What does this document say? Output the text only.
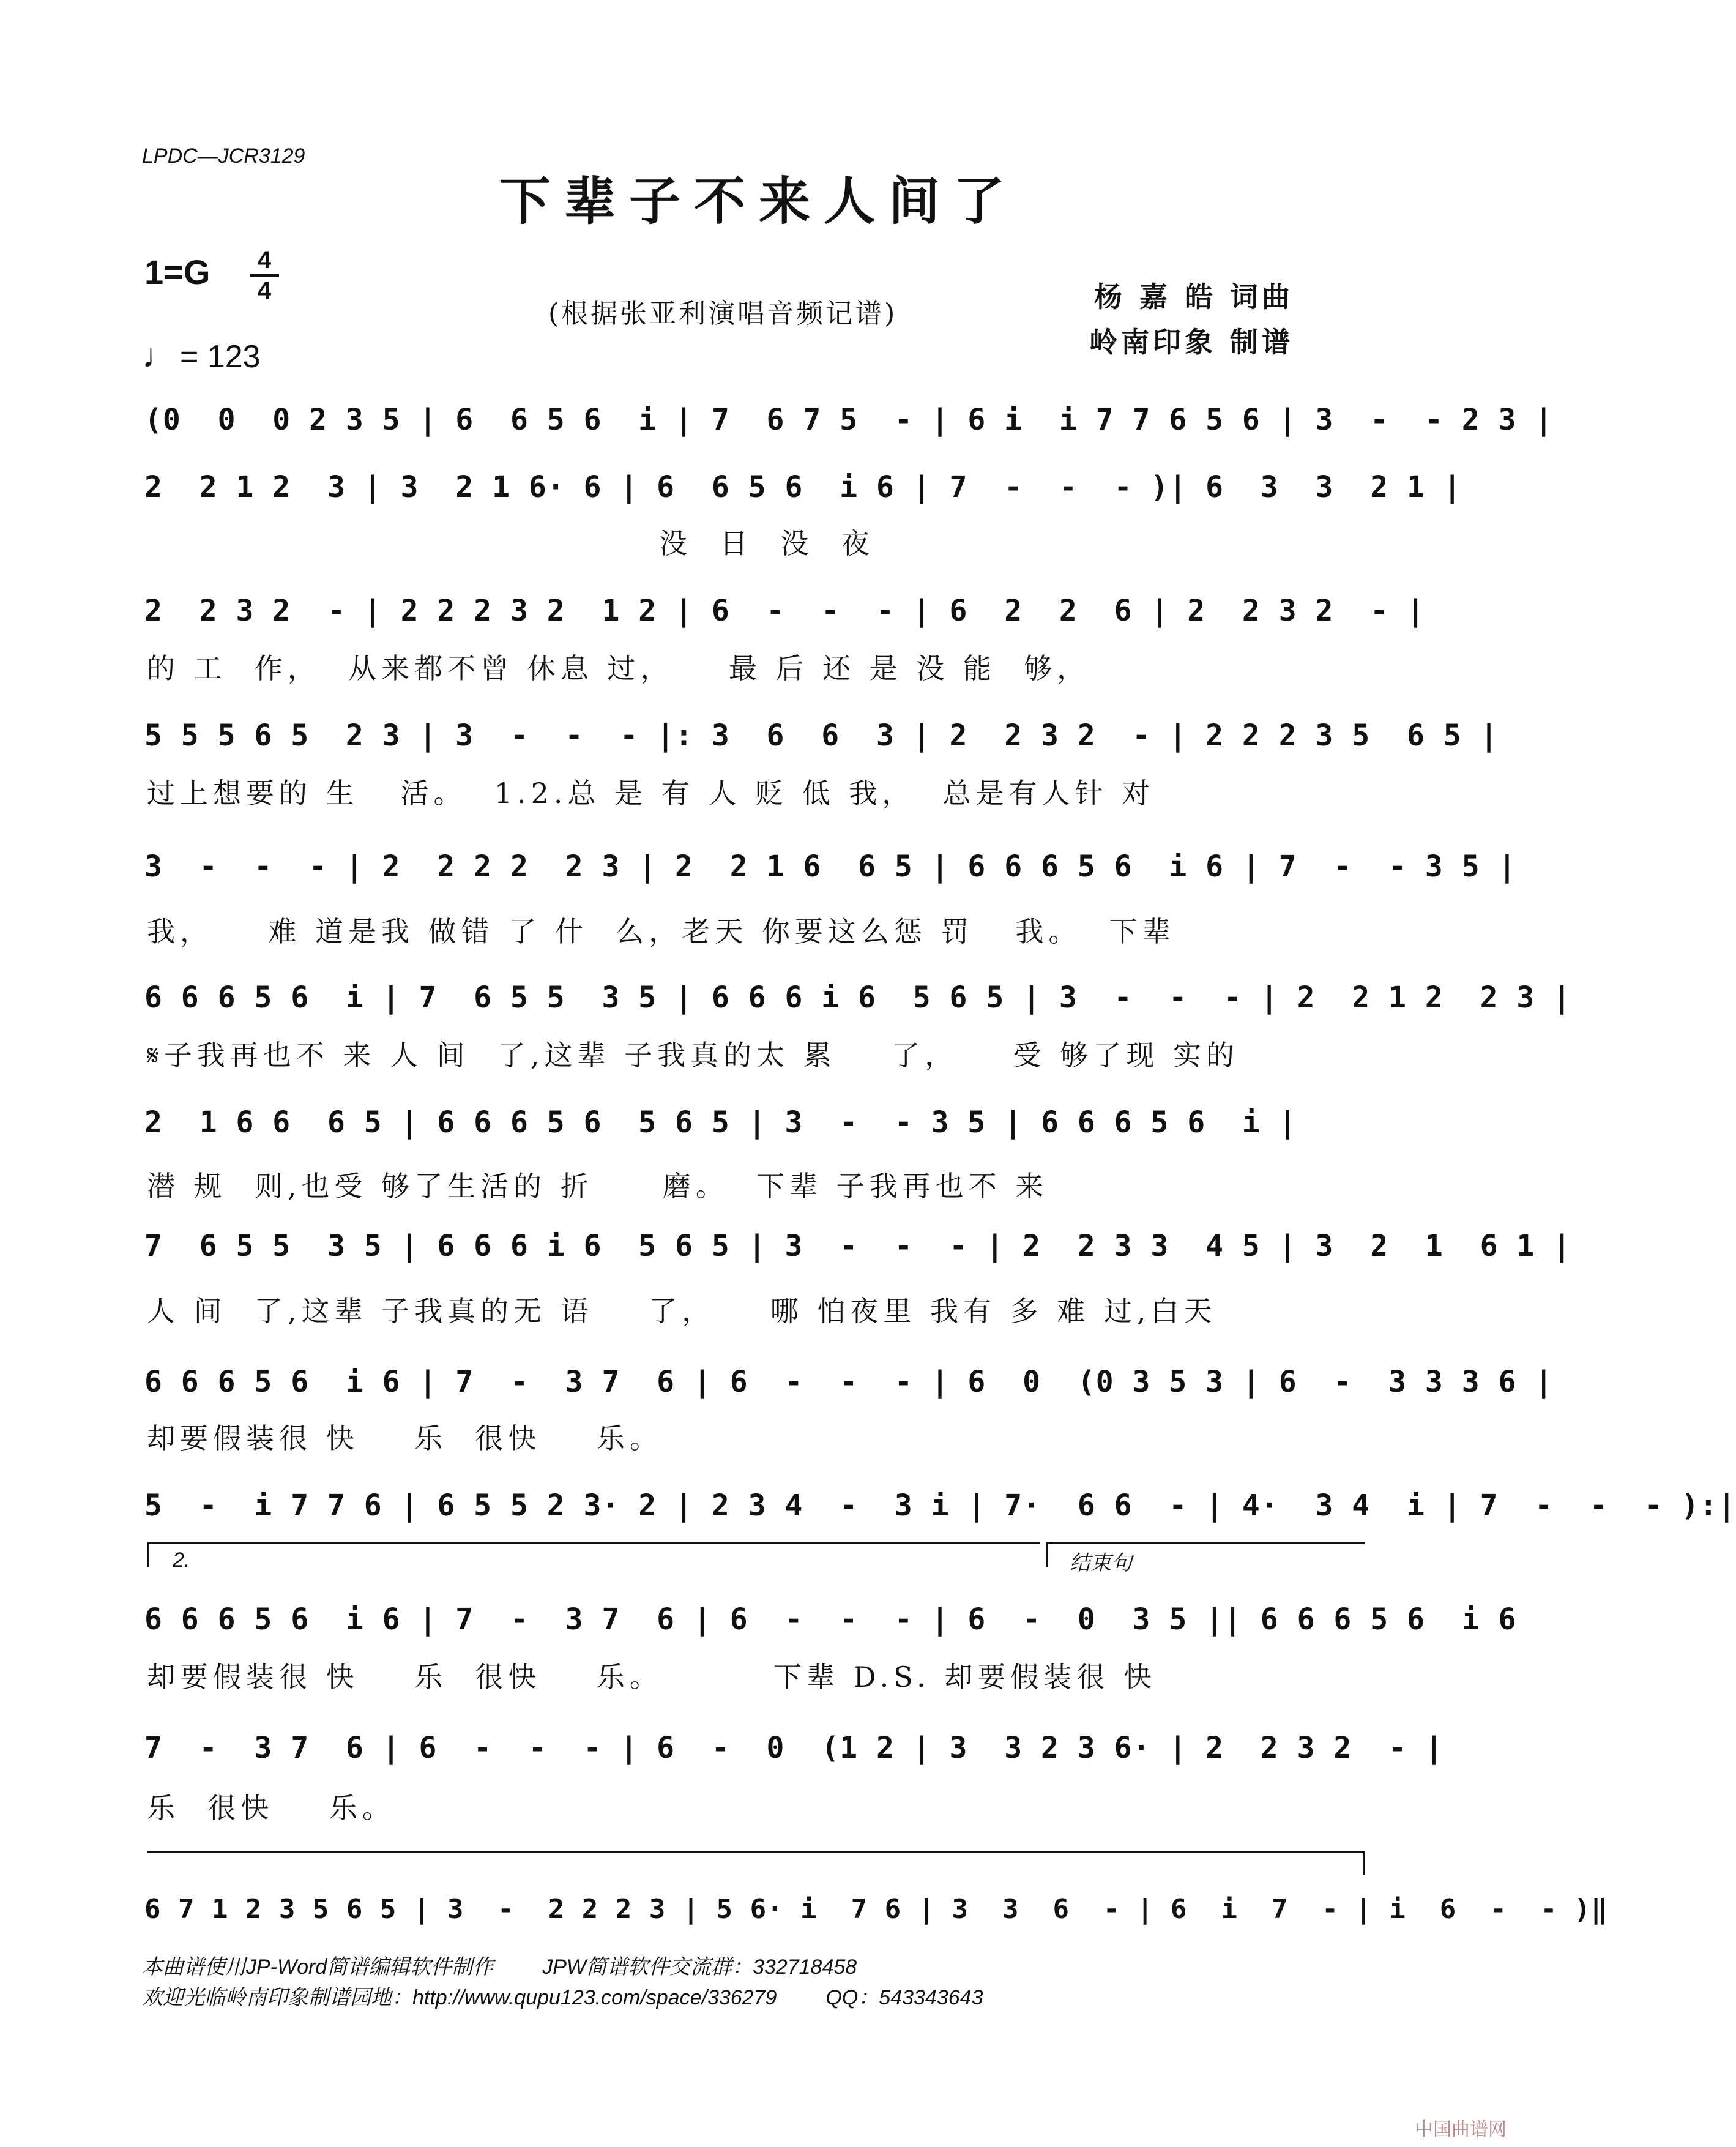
LPDC—JCR3129
下辈子不来人间了
1=G	4
4
♩ = 123
(根据张亚利演唱音频记谱)
杨 嘉 皓 词曲
岭南印象 制谱
(0  0  0 2 3 5 | 6  6 5 6  i | 7  6 7 5  - | 6 i  i 7 7 6 5 6 | 3  -  - 2 3 |
2  2 1 2  3 | 3  2 1 6· 6 | 6  6 5 6  i 6 | 7  -  -  - )| 6  3  3  2 1 |
没  日  没  夜
2  2 3 2  - | 2 2 2 3 2  1 2 | 6  -  -  - | 6  2  2  6 | 2  2 3 2  - |
的 工  作，  从来都不曾 休息 过，    最 后 还 是 没 能  够，
5 5 5 6 5  2 3 | 3  -  -  - |: 3  6  6  3 | 2  2 3 2  - | 2 2 2 3 5  6 5 |
过上想要的 生   活。  1.2.总 是 有 人 贬 低 我，  总是有人针 对
3  -  -  - | 2  2 2 2  2 3 | 2  2 1 6  6 5 | 6 6 6 5 6  i 6 | 7  -  - 3 5 |
我，    难 道是我 做错 了 什  么，老天 你要这么惩 罚   我。  下辈
6 6 6 5 6  i | 7  6 5 5  3 5 | 6 6 6 i 6  5 6 5 | 3  -  -  - | 2  2 1 2  2 3 |
𝄋子我再也不 来 人 间  了,这辈 子我真的太 累    了，    受 够了现 实的
2  1 6 6  6 5 | 6 6 6 5 6  5 6 5 | 3  -  - 3 5 | 6 6 6 5 6  i |
潜 规  则,也受 够了生活的 折     磨。  下辈 子我再也不 来
7  6 5 5  3 5 | 6 6 6 i 6  5 6 5 | 3  -  -  - | 2  2 3 3  4 5 | 3  2  1  6 1 |
人 间  了,这辈 子我真的无 语    了，    哪 怕夜里 我有 多 难 过,白天
6 6 6 5 6  i 6 | 7  -  3 7  6 | 6  -  -  - | 6  0  (0 3 5 3 | 6  -  3 3 3 6 |
却要假装很 快    乐  很快    乐。
5  -  i 7 7 6 | 6 5 5 2 3· 2 | 2 3 4  -  3 i | 7·  6 6  - | 4·  3 4  i | 7  -  -  - ):|
2.	结束句
6 6 6 5 6  i 6 | 7  -  3 7  6 | 6  -  -  - | 6  -  0  3 5 || 6 6 6 5 6  i 6
却要假装很 快    乐  很快    乐。        下辈 D.S. 却要假装很 快
7  -  3 7  6 | 6  -  -  - | 6  -  0  (1 2 | 3  3 2 3 6· | 2  2 3 2  - |
乐  很快    乐。
6 7 1 2 3 5 6 5 | 3  -  2 2 2 3 | 5 6· i  7 6 | 3  3  6  - | 6  i  7  - | i  6  -  - )‖
本曲谱使用JP-Word简谱编辑软件制作 JPW简谱软件交流群：332718458
欢迎光临岭南印象制谱园地：http://www.qupu123.com/space/336279 QQ：543343643
中国曲谱网
